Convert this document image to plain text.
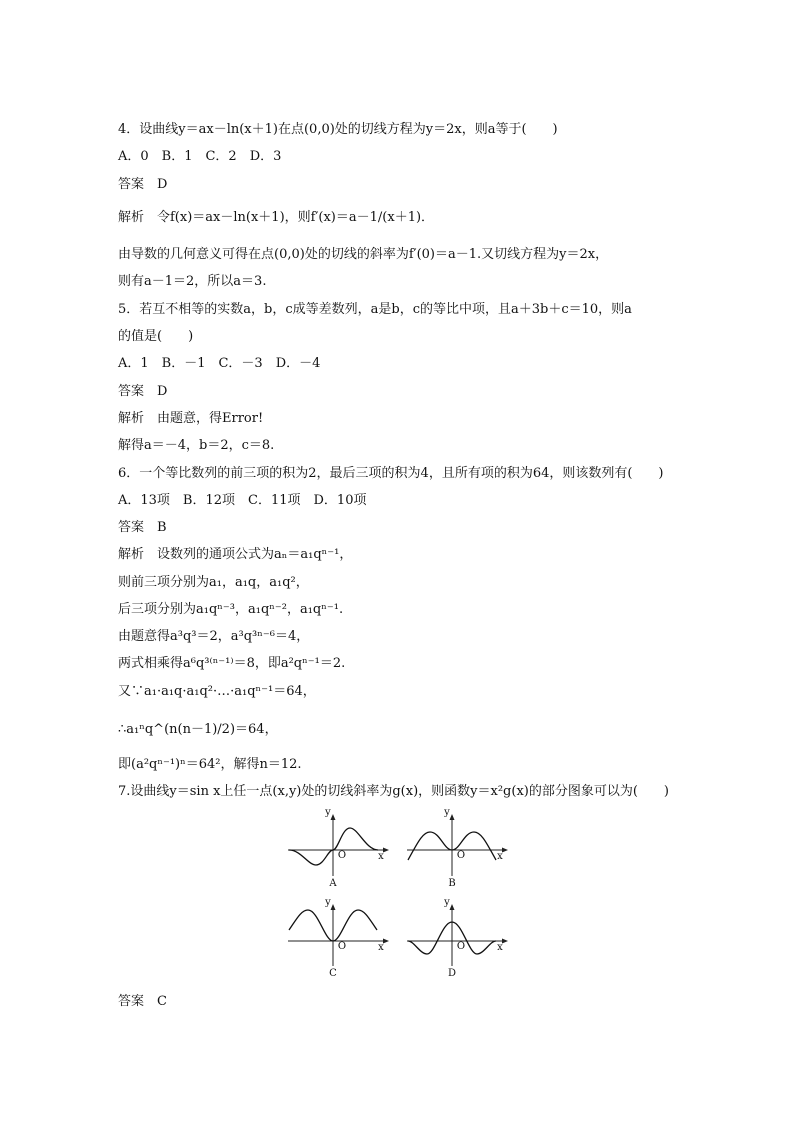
4．设曲线y＝ax－ln(x＋1)在点(0,0)处的切线方程为y＝2x，则a等于(　　)
A．0　B．1　C．2　D．3
答案　D
解析　令f(x)＝ax－ln(x＋1)，则f′(x)＝a－1/(x＋1)．
由导数的几何意义可得在点(0,0)处的切线的斜率为f′(0)＝a－1.又切线方程为y＝2x，
则有a－1＝2，所以a＝3.
5．若互不相等的实数a，b，c成等差数列，a是b，c的等比中项，且a＋3b＋c＝10，则a
的值是(　　)
A．1　B．－1　C．－3　D．－4
答案　D
解析　由题意，得Error!
解得a＝－4，b＝2，c＝8.
6．一个等比数列的前三项的积为2，最后三项的积为4，且所有项的积为64，则该数列有(　　)
A．13项　B．12项　C．11项　D．10项
答案　B
解析　设数列的通项公式为aₙ＝a₁qⁿ⁻¹，
则前三项分别为a₁，a₁q，a₁q²，
后三项分别为a₁qⁿ⁻³，a₁qⁿ⁻²，a₁qⁿ⁻¹.
由题意得a³q³＝2，a³q³ⁿ⁻⁶＝4，
两式相乘得a⁶q³⁽ⁿ⁻¹⁾＝8，即a²qⁿ⁻¹＝2.
又∵a₁·a₁q·a₁q²·…·a₁qⁿ⁻¹＝64，
∴a₁ⁿq^(n(n－1)/2)＝64，
即(a²qⁿ⁻¹)ⁿ＝64²，解得n＝12.
7.设曲线y＝sin x上任一点(x,y)处的切线斜率为g(x)，则函数y＝x²g(x)的部分图象可以为(　　)
答案　C
y
x
O
A
y
x
O
B
y
x
O
C
y
x
O
D
